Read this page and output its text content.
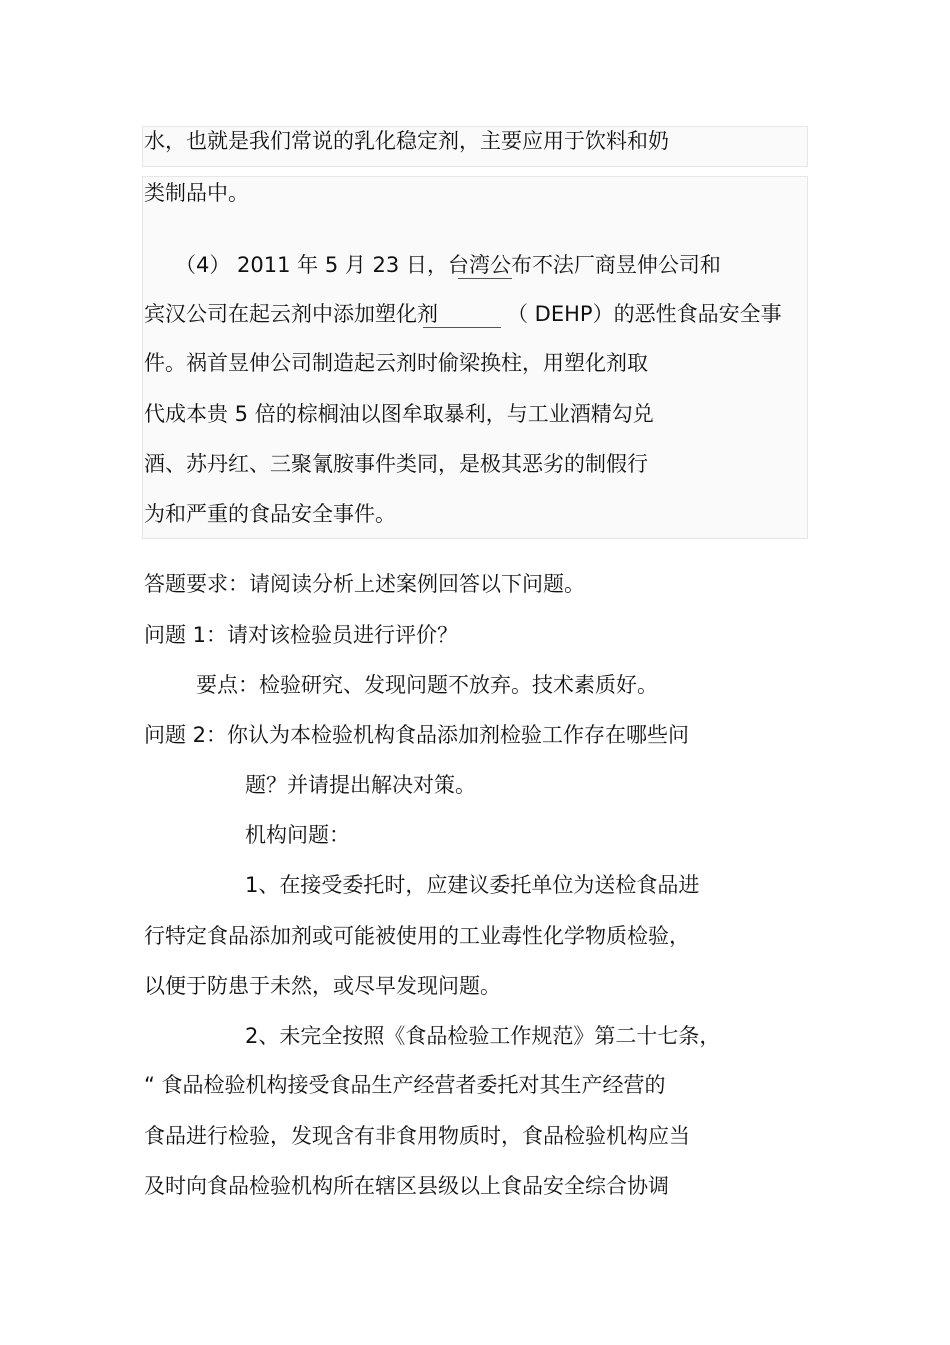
水，也就是我们常说的乳化稳定剂，主要应用于饮料和奶
类制品中。
（4） 2011 年 5 月 23 日，台湾公布不法厂商昱伸公司和
宾汉公司在起云剂中添加塑化剂	（ DEHP）的恶性食品安全事
件。祸首昱伸公司制造起云剂时偷梁换柱，用塑化剂取
代成本贵 5 倍的棕榈油以图牟取暴利，与工业酒精勾兑
酒、苏丹红、三聚氰胺事件类同，是极其恶劣的制假行
为和严重的食品安全事件。
答题要求：请阅读分析上述案例回答以下问题。
问题 1：请对该检验员进行评价？
要点：检验研究、发现问题不放弃。技术素质好。
问题 2：你认为本检验机构食品添加剂检验工作存在哪些问
题？并请提出解决对策。
机构问题：
1、在接受委托时，应建议委托单位为送检食品进
行特定食品添加剂或可能被使用的工业毒性化学物质检验，
以便于防患于未然，或尽早发现问题。
2、未完全按照《食品检验工作规范》第二十七条，
“ 食品检验机构接受食品生产经营者委托对其生产经营的
食品进行检验，发现含有非食用物质时，食品检验机构应当
及时向食品检验机构所在辖区县级以上食品安全综合协调
